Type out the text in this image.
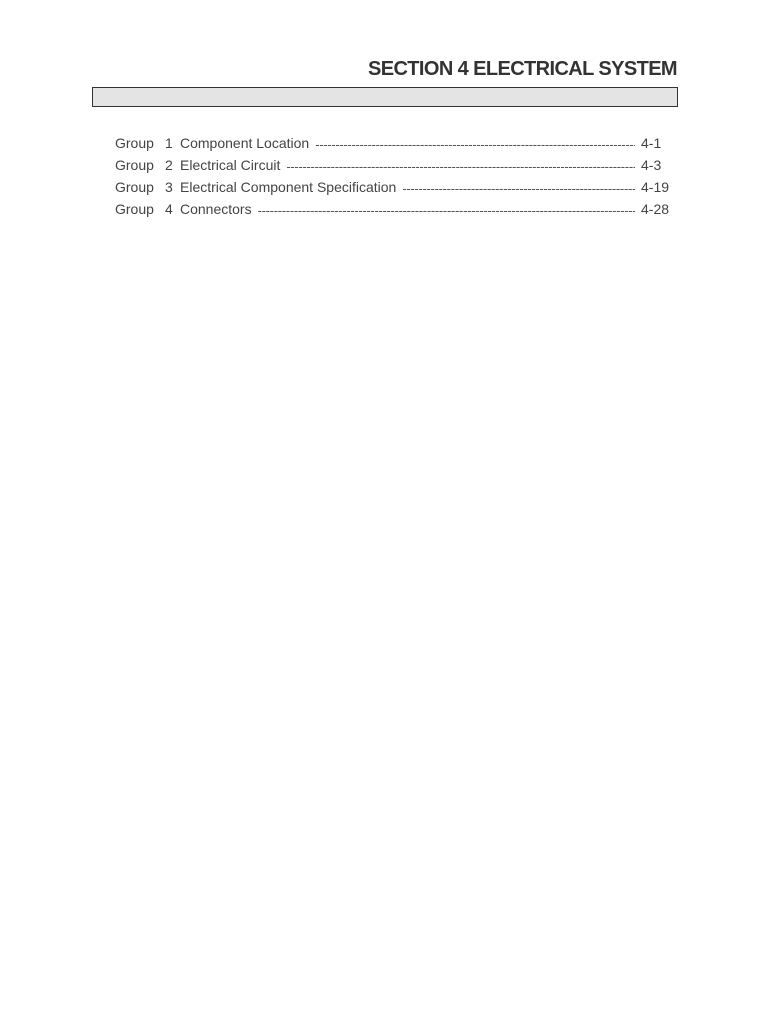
SECTION 4 ELECTRICAL SYSTEM
Group 1 Component Location -----	4-1
Group 2 Electrical Circuit -----	4-3
Group 3 Electrical Component Specification -----	4-19
Group 4 Connectors -----	4-28
